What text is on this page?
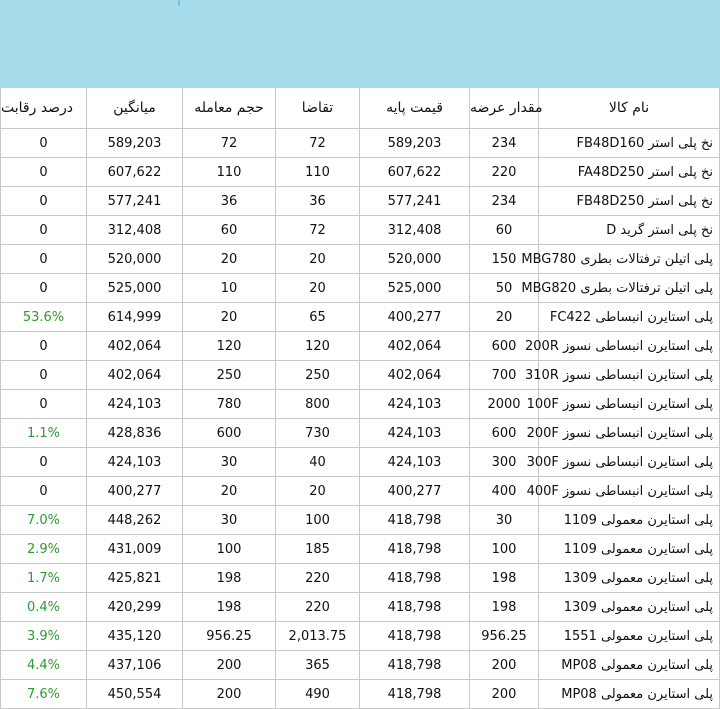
درصد رقابت	میانگین	حجم معامله	تقاضا	قیمت پایه	مقدار عرضه	نام کالا
0	589,203	72	72	589,203	234	نخ پلی استر FB48D160
0	607,622	110	110	607,622	220	نخ پلی استر FA48D250
0	577,241	36	36	577,241	234	نخ پلی استر FB48D250
0	312,408	60	72	312,408	60	نخ پلی استر گرید D
0	520,000	20	20	520,000	150	پلی اتیلن ترفتالات بطری MBG780
0	525,000	10	20	525,000	50	پلی اتیلن ترفتالات بطری MBG820
53.6%	614,999	20	65	400,277	20	پلی استایرن انبساطی FC422
0	402,064	120	120	402,064	600	پلی استایرن انبساطی نسوز 200R
0	402,064	250	250	402,064	700	پلی استایرن انبساطی نسوز 310R
0	424,103	780	800	424,103	2000	پلی استایرن انبساطی نسوز 100F
1.1%	428,836	600	730	424,103	600	پلی استایرن انبساطی نسوز 200F
0	424,103	30	40	424,103	300	پلی استایرن انبساطی نسوز 300F
0	400,277	20	20	400,277	400	پلی استایرن انبساطی نسوز 400F
7.0%	448,262	30	100	418,798	30	پلی استایرن معمولی 1109
2.9%	431,009	100	185	418,798	100	پلی استایرن معمولی 1109
1.7%	425,821	198	220	418,798	198	پلی استایرن معمولی 1309
0.4%	420,299	198	220	418,798	198	پلی استایرن معمولی 1309
3.9%	435,120	956.25	2,013.75	418,798	956.25	پلی استایرن معمولی 1551
4.4%	437,106	200	365	418,798	200	پلی استایرن معمولی MP08
7.6%	450,554	200	490	418,798	200	پلی استایرن معمولی MP08
